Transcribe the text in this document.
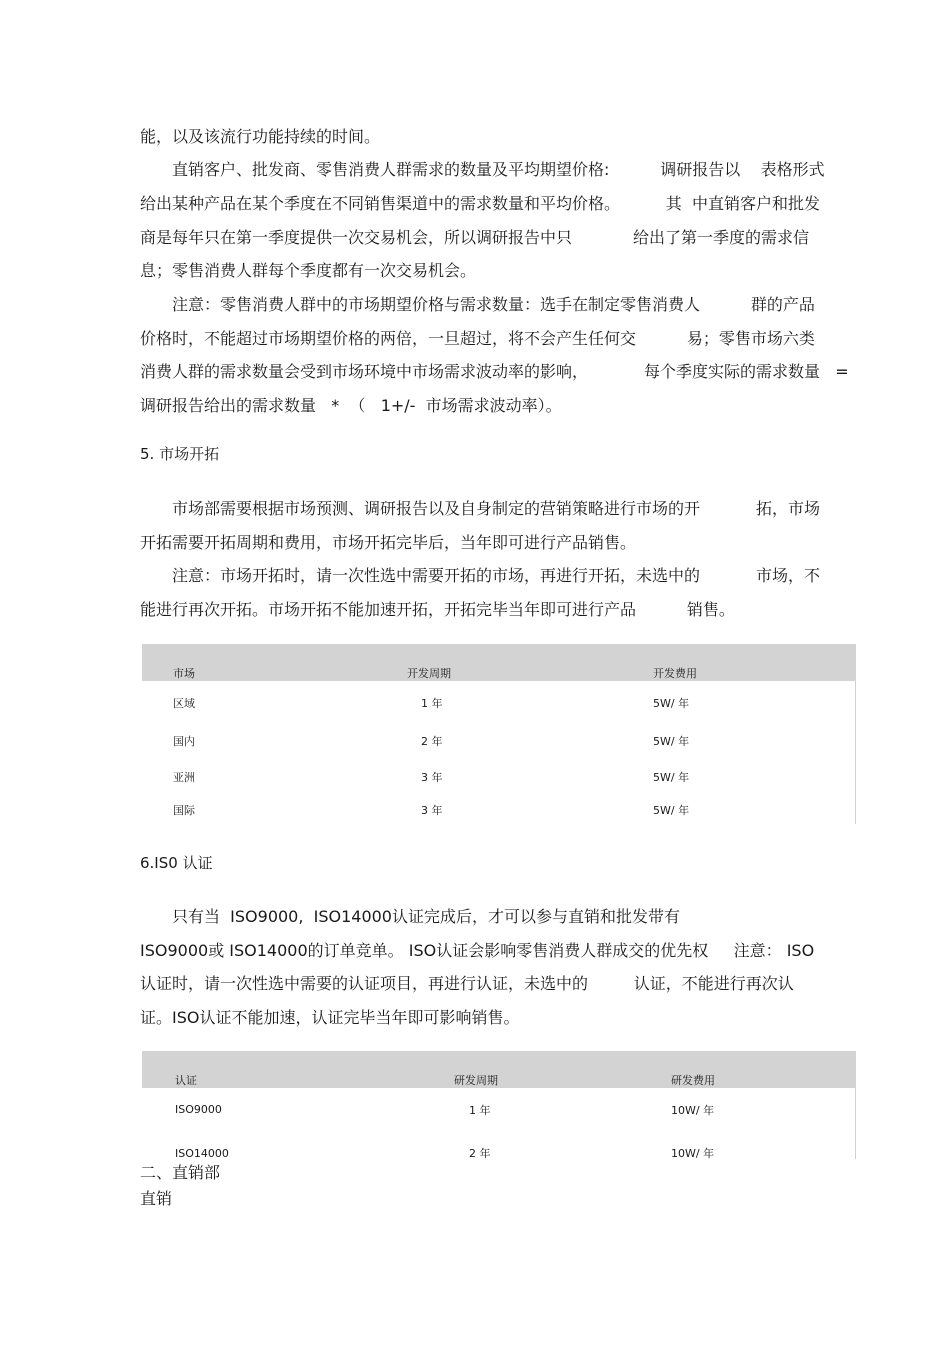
能，以及该流行功能持续的时间。
直销客户、批发商、零售消费人群需求的数量及平均期望价格:          调研报告以    表格形式
给出某种产品在某个季度在不同销售渠道中的需求数量和平均价格。         其  中直销客户和批发
商是每年只在第一季度提供一次交易机会，所以调研报告中只            给出了第一季度的需求信
息；零售消费人群每个季度都有一次交易机会。
注意：零售消费人群中的市场期望价格与需求数量：选手在制定零售消费人          群的产品
价格时，不能超过市场期望价格的两倍，一旦超过，将不会产生任何交          易；零售市场六类
消费人群的需求数量会受到市场环境中市场需求波动率的影响，           每个季度实际的需求数量   =
调研报告给出的需求数量   *  （   1+/-  市场需求波动率）。
5. 市场开拓
市场部需要根据市场预测、调研报告以及自身制定的营销策略进行市场的开           拓，市场
开拓需要开拓周期和费用，市场开拓完毕后，当年即可进行产品销售。
注意：市场开拓时，请一次性选中需要开拓的市场，再进行开拓，未选中的           市场，不
能进行再次开拓。市场开拓不能加速开拓，开拓完毕当年即可进行产品          销售。
市场	开发周期	开发费用
区域	1 年	5W/ 年
国内	2 年	5W/ 年
亚洲	3 年	5W/ 年
国际	3 年	5W/ 年
6.IS0 认证
只有当  ISO9000,  ISO14000认证完成后，才可以参与直销和批发带有
ISO9000或 ISO14000的订单竞单。 ISO认证会影响零售消费人群成交的优先权     注意： ISO
认证时，请一次性选中需要的认证项目，再进行认证，未选中的         认证，不能进行再次认
证。ISO认证不能加速，认证完毕当年即可影响销售。
认证	研发周期	研发费用
ISO9000	1 年	10W/ 年
ISO14000	2 年	10W/ 年
二、直销部
直销
